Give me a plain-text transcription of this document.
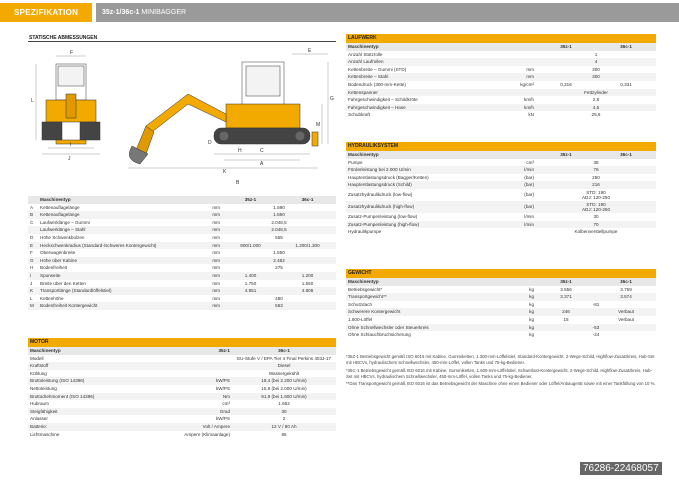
SPEZIFIKATION	35z-1/36c-1 MINIBAGGER
STATISCHE ABMESSUNGEN
J
I
L
F
K
C
A
E
G
M
B
D
H
	Maschinentyp		35z-1	36c-1
A	Kettenauflagelänge	mm	1.590	
B	Kettenauflagelänge	mm	1.590	
C	Laufwerklänge – Gummi	mm	2.048,5	
	Laufwerklänge – Stahl	mm	2.048,5	
D	Höhe Schwenkbolzen	mm	555	
E	Heckschwenkradius (Standard-/schweres Kontergewicht)	mm	900/1.000	1.200/1.300
F	Oberwagenbreite	mm	1.550	
G	Höhe über Kabine	mm	2.482	
H	Bodenfreiheit	mm	275	
I	Spurweite	mm	1.400	1.200
J	Breite über den Ketten	mm	1.750	1.550
K	Transportlänge (Standardlöffelstiel)	mm	4.851	4.806
L	Kettenhöhe	mm	480	
M	Bodenfreiheit Kontergewicht	mm	563	
MOTOR
Maschinentyp	35z-1	36c-1
Modell		EU-Stufe V / EPA Tier 4 Final Perkins 403J-17
Kraftstoff		Diesel
Kühlung		Wassergekühlt
Bruttoleistung (ISO 14396)	kW/PS	18,4 (bei 2.200 U/min)
Nettoleistung	kW/PS	15,9 (bei 2.000 U/min)
Bruttodrehmoment (ISO 14396)	Nm	91,9 (bei 1.600 U/min)
Hubraum	cm³	1.662
Steigfähigkeit	Grad	30
Anlasser	kW/PS	2
Batterie:	Volt / Ampere	12 V / 80 Ah
Lichtmaschine	Ampere (Klimaanlage)	85
LAUFWERK
Maschinentyp		35z-1	36c-1
Anzahl Stützrolle		1	
Anzahl Laufrollen		4	
Kettenbreite – Gummi (STD)	mm	300	
Kettenbreite – Stahl	mm	300	
Bodendruck (300-mm-Kette)	kg/cm²	0,316	0,331
Kettenspanner		Fettzylinder	
Fahrgeschwindigkeit – Schildkröte	km/h	2,8	
Fahrgeschwindigkeit – Hase	km/h	4,5	
Schubkraft	kN	25,6	
HYDRAULIKSYSTEM
Maschinentyp		35z-1	36c-1
Pumpe	cm³	38	

Förderleistung bei 2.000 U/min	l/min	76	

Hauptentlastungsdruck (Bagger/Ketten)	(bar)	250	

Hauptentlastungsdruck (Schild)	(bar)	216	

Zusatzhydraulikdruck (low-flow)	(bar)	STD: 190
ADJ: 120-250	

Zusatzhydraulikdruck (high-flow)	(bar)	STD: 190
ADJ: 120-250	

Zusatz-Pumpenleistung (low-flow)	l/min	30	

Zusatz-Pumpenleistung (high-flow)	l/min	70	

Hydraulikpumpe		Kolbenverstellpumpe	
GEWICHT
Maschinentyp		35z-1	36c-1
Betriebsgewicht*	kg	3.556	3.759
Transportgewicht**	kg	3.371	3.574
Schutzdach	kg	-81	
Schwerere Kontergewicht	kg	246	Verbaut
1.600-Löffel	kg	15	Verbaut
Ohne Schnellwechsler oder Steuerkreis	kg	-53	
Ohne Schlauchbruchsicherung	kg	-24	

*35Z-1 Betriebsgewicht gemäß ISO 6016 mit Kabine, Gummiketten, 1.300-mm-Löffelstiel, Standard-Kontergewicht, 2-Wege-Schild, Highflow-Zusatzkreis, Hub-Set mit HBCVs, hydraulischem Schnellwechsler, 450-mm-Löffel, vollen Tanks und 75-kg-Bediener.

*36C-1 Betriebsgewicht gemäß ISO 6016 mit Kabine, Gummiketten, 1.600-mm-Löffelstiel, Schwerlast-Kontergewicht, 2-Wege-Schild, Highflow-Zusatzkreis, Hub-Set mit HBCVs, hydraulischem Schnellwechsler, 450-mm-Löffel, vollen Tanks und 75-kg-Bediener.

**Das Transportgewicht gemäß ISO 6016 ist das Betriebsgewicht der Maschine ohne einen Bediener oder Löffel/Anbaugerät sowie mit einer Tankfüllung von 10 %.

76286-22468057
